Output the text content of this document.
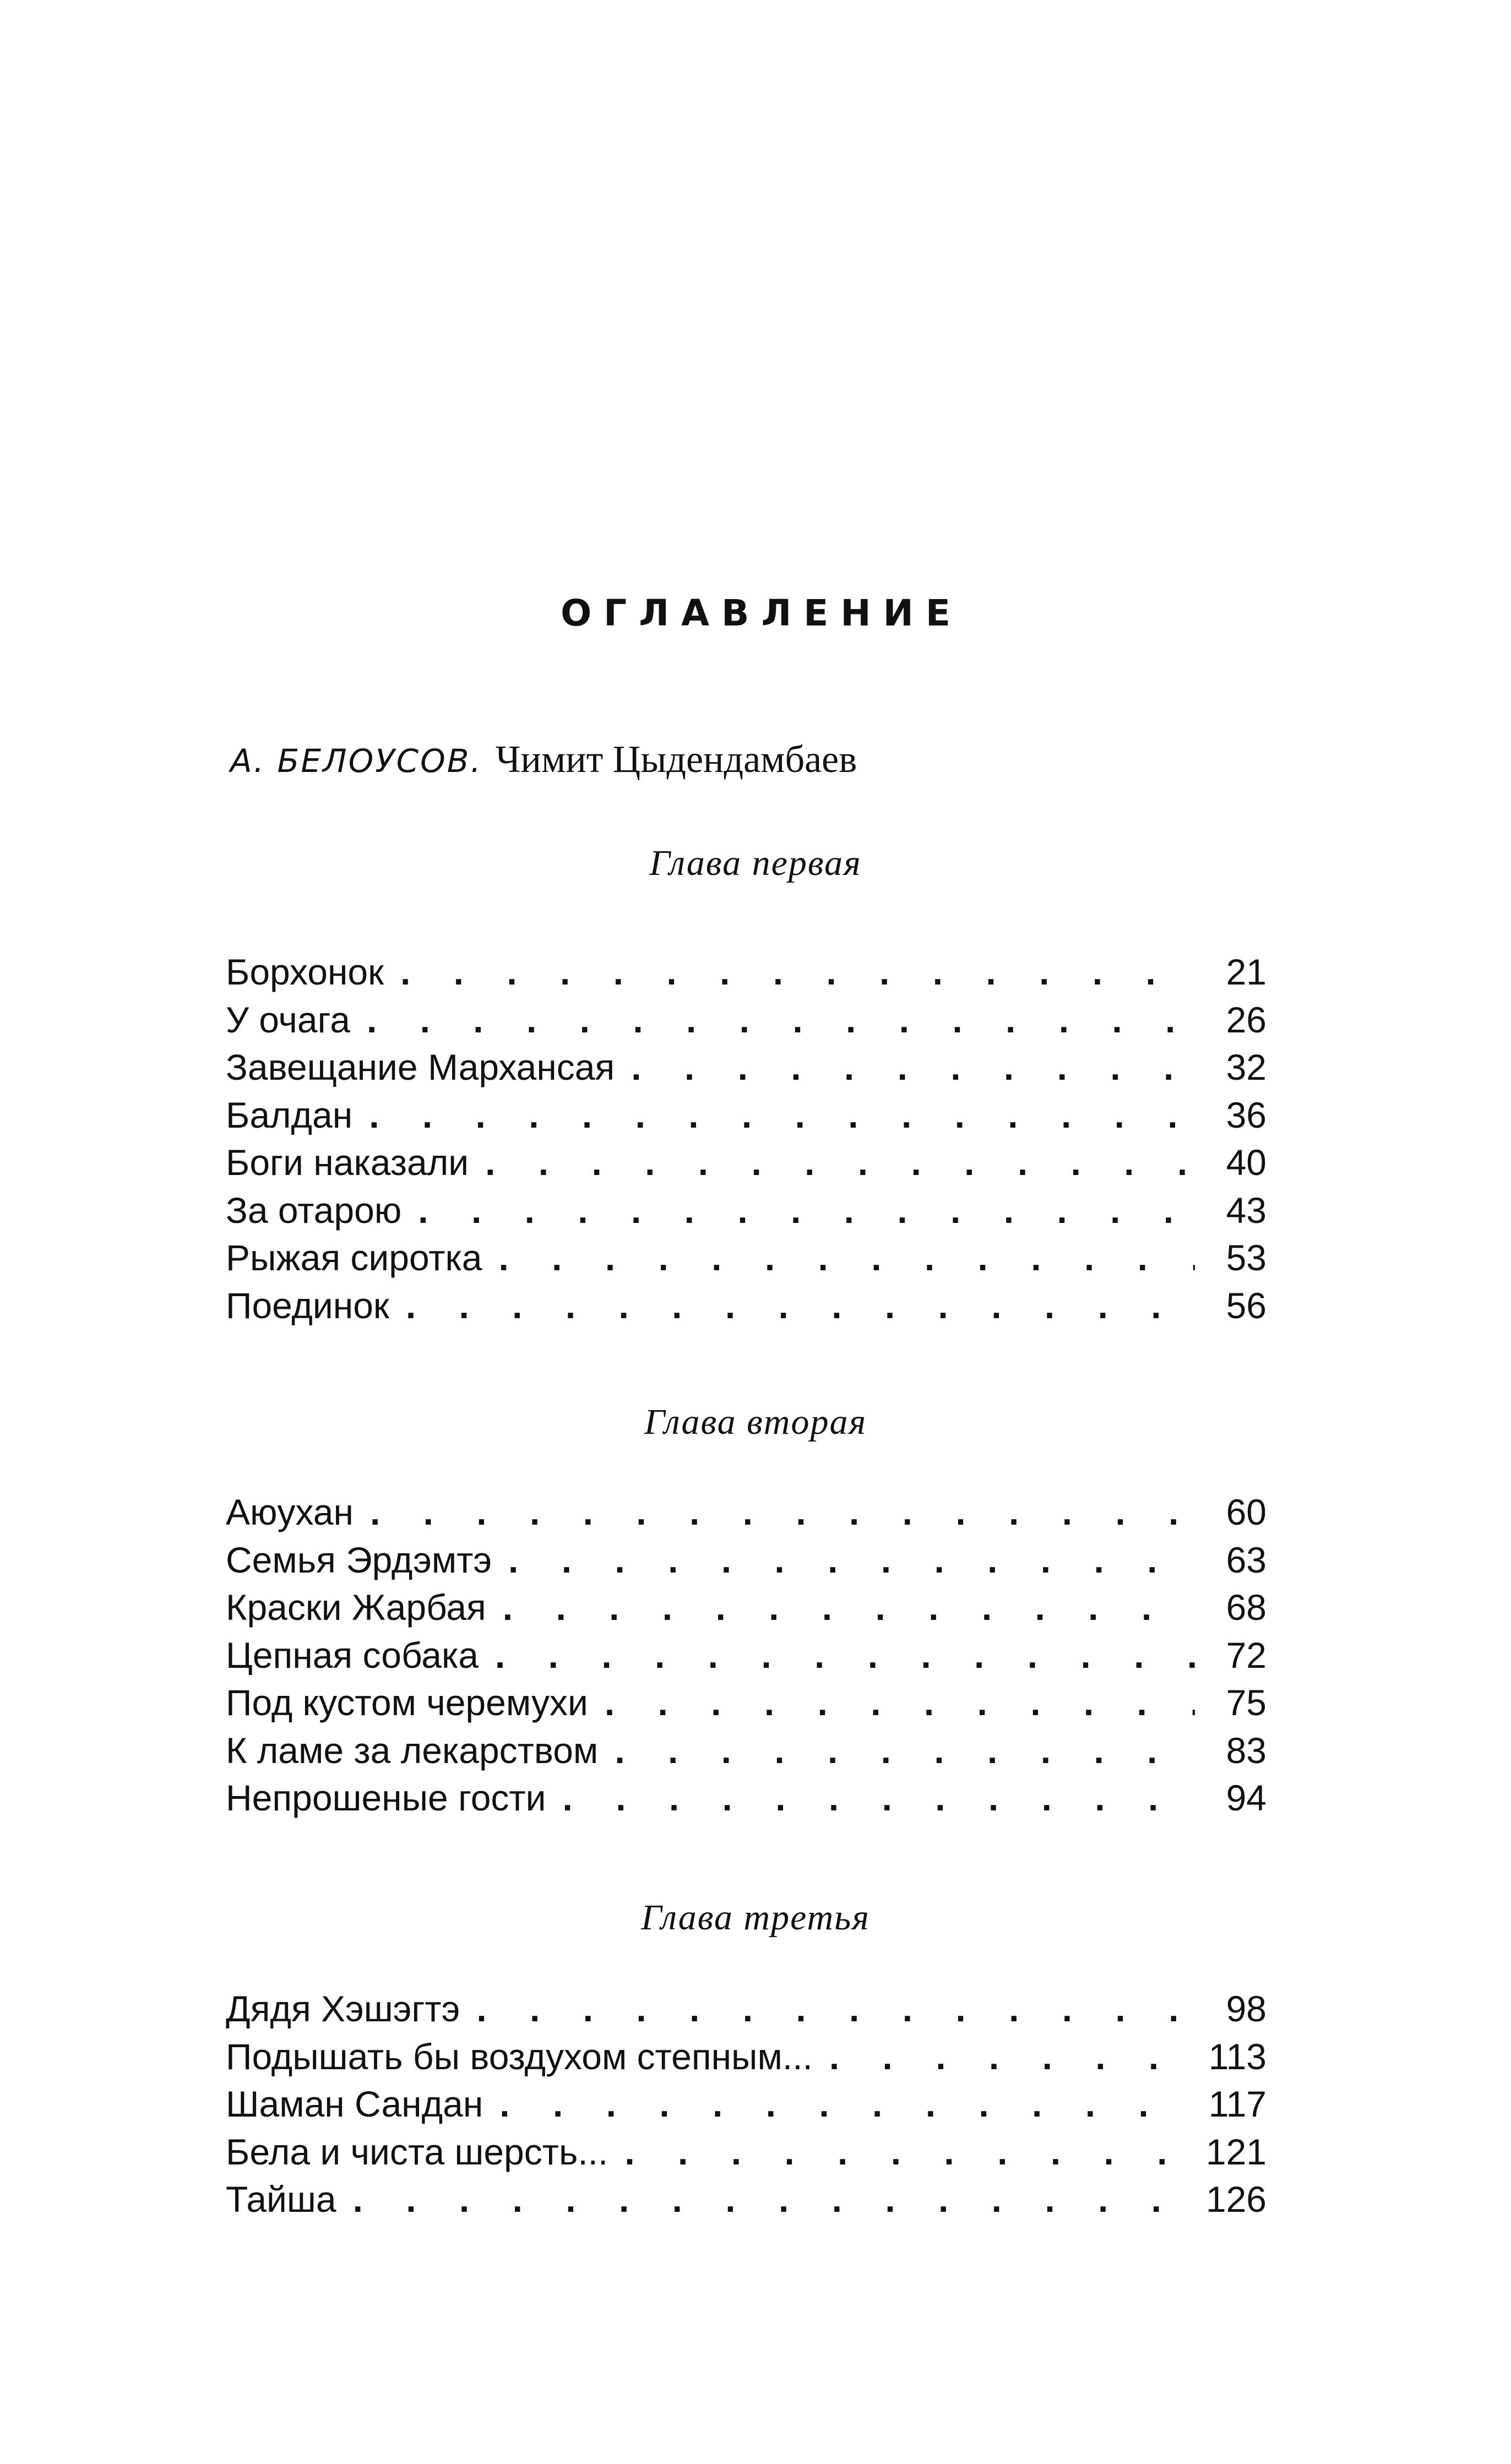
ОГЛАВЛЕНИЕ
А. БЕЛОУСОВ. Чимит Цыдендамбаев
Глава первая
Борхонок . . .	21
У очага . . .	26
Завещание Мархансая . . .	32
Балдан . . .	36
Боги наказали . . .	40
За отарою . . .	43
Рыжая сиротка . . .	53
Поединок . . .	56
Глава вторая
Аюухан . . .	60
Семья Эрдэмтэ . . .	63
Краски Жарбая . . .	68
Цепная собака . . .	72
Под кустом черемухи . . .	75
К ламе за лекарством . . .	83
Непрошеные гости . . .	94
Глава третья
Дядя Хэшэгтэ . . .	98
Подышать бы воздухом степным... . . .	113
Шаман Сандан . . .	117
Бела и чиста шерсть... . . .	121
Тайша . . .	126
